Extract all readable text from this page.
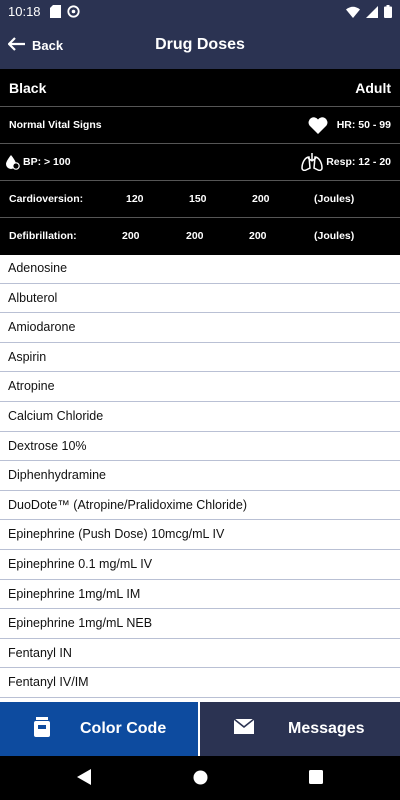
10:18
Back	Drug Doses
Black	Adult
Normal Vital Signs	HR: 50 - 99
BP: > 100	Resp: 12 - 20
Cardioversion:	120	150	200	(Joules)
Defibrillation:	200	200	200	(Joules)
Adenosine
Albuterol
Amiodarone
Aspirin
Atropine
Calcium Chloride
Dextrose 10%
Diphenhydramine
DuoDote™ (Atropine/Pralidoxime Chloride)
Epinephrine (Push Dose) 10mcg/mL IV
Epinephrine 0.1 mg/mL IV
Epinephrine 1mg/mL IM
Epinephrine 1mg/mL NEB
Fentanyl IN
Fentanyl IV/IM
Color Code	Messages
